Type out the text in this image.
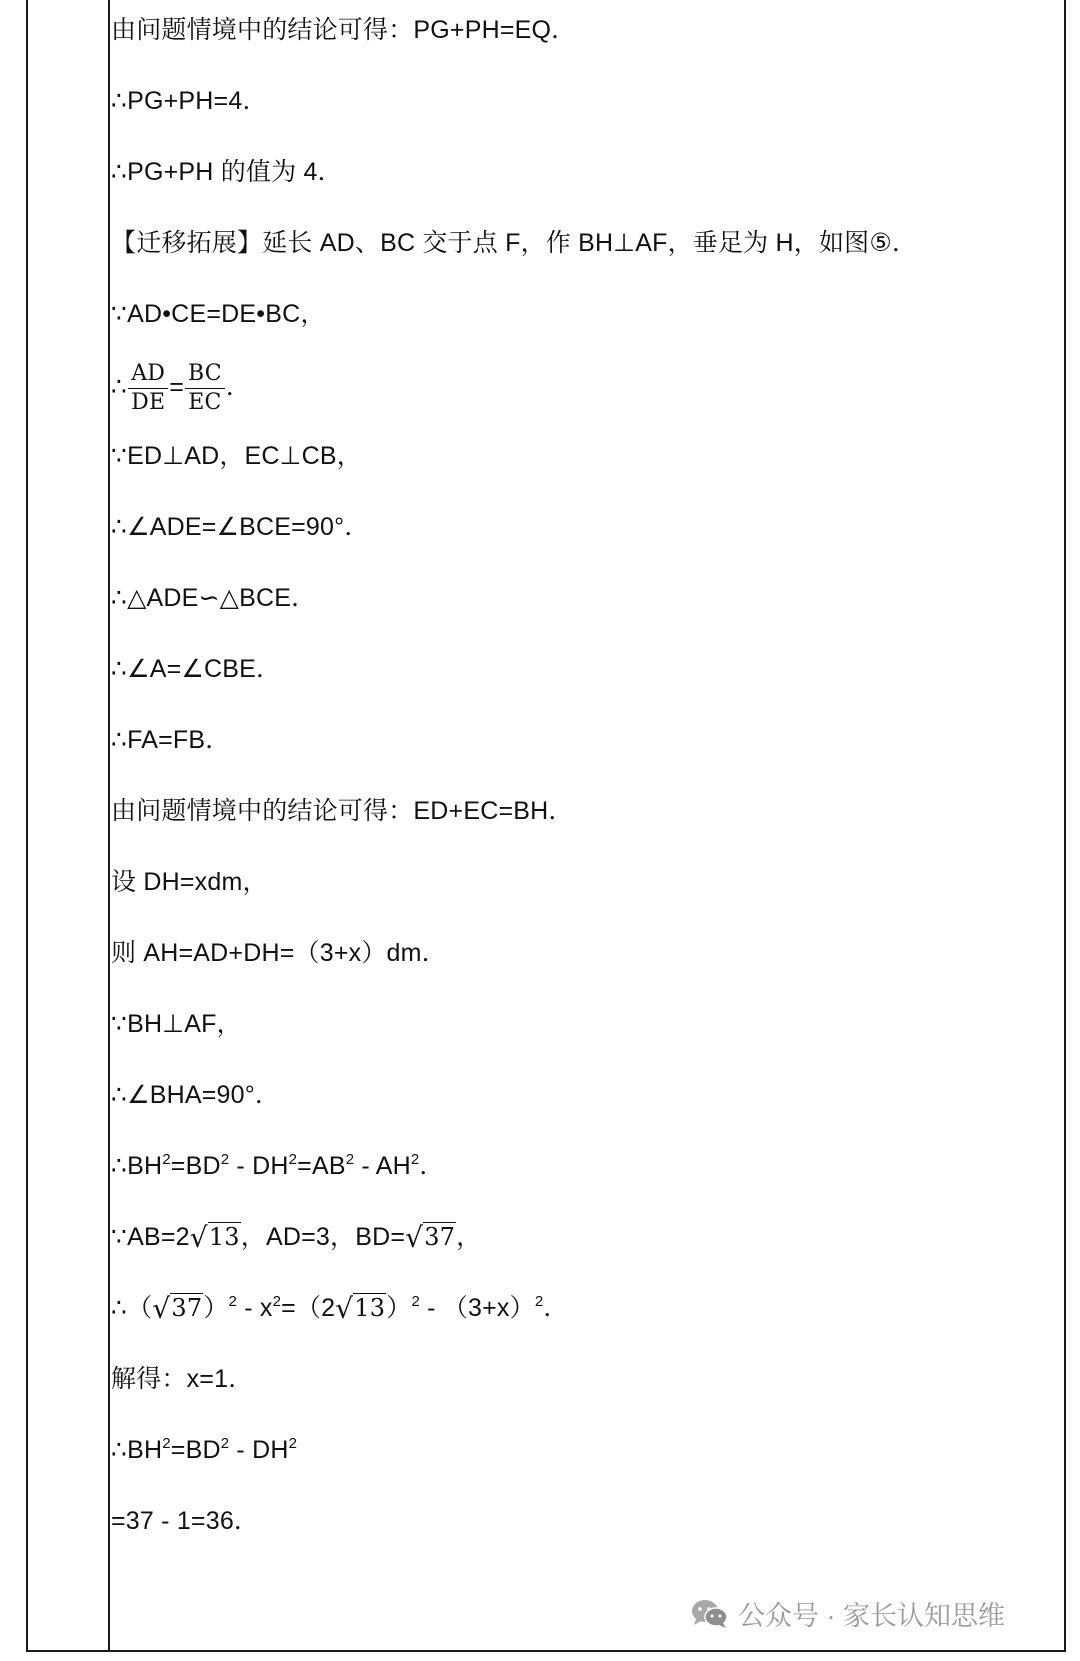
由问题情境中的结论可得：PG+PH=EQ．
∴PG+PH=4．
∴PG+PH 的值为 4．
【迁移拓展】延长 AD、BC 交于点 F，作 BH⊥AF，垂足为 H，如图⑤．
∵AD•CE=DE•BC，
∴ $\frac{AD}{DE} = \frac{BC}{EC}$ ．
∵ED⊥AD，EC⊥CB，
∴∠ADE=∠BCE=90°．
∴△ADE∽△BCE．
∴∠A=∠CBE．
∴FA=FB．
由问题情境中的结论可得：ED+EC=BH．
设 DH=xdm，
则 AH=AD+DH=（3+x）dm．
∵BH⊥AF，
∴∠BHA=90°．
$\therefore BH^2=BD^2 - DH^2=AB^2 - AH^2$．
∵AB=2√13，AD=3，BD=√37，
$\therefore(√37)^2 - x^2=(2√13)^2 - (3+x)^2$．
解得：x=1．
$\therefore BH^2=BD^2 - DH^2$
=37 - 1=36．
公众号 · 家长认知思维
